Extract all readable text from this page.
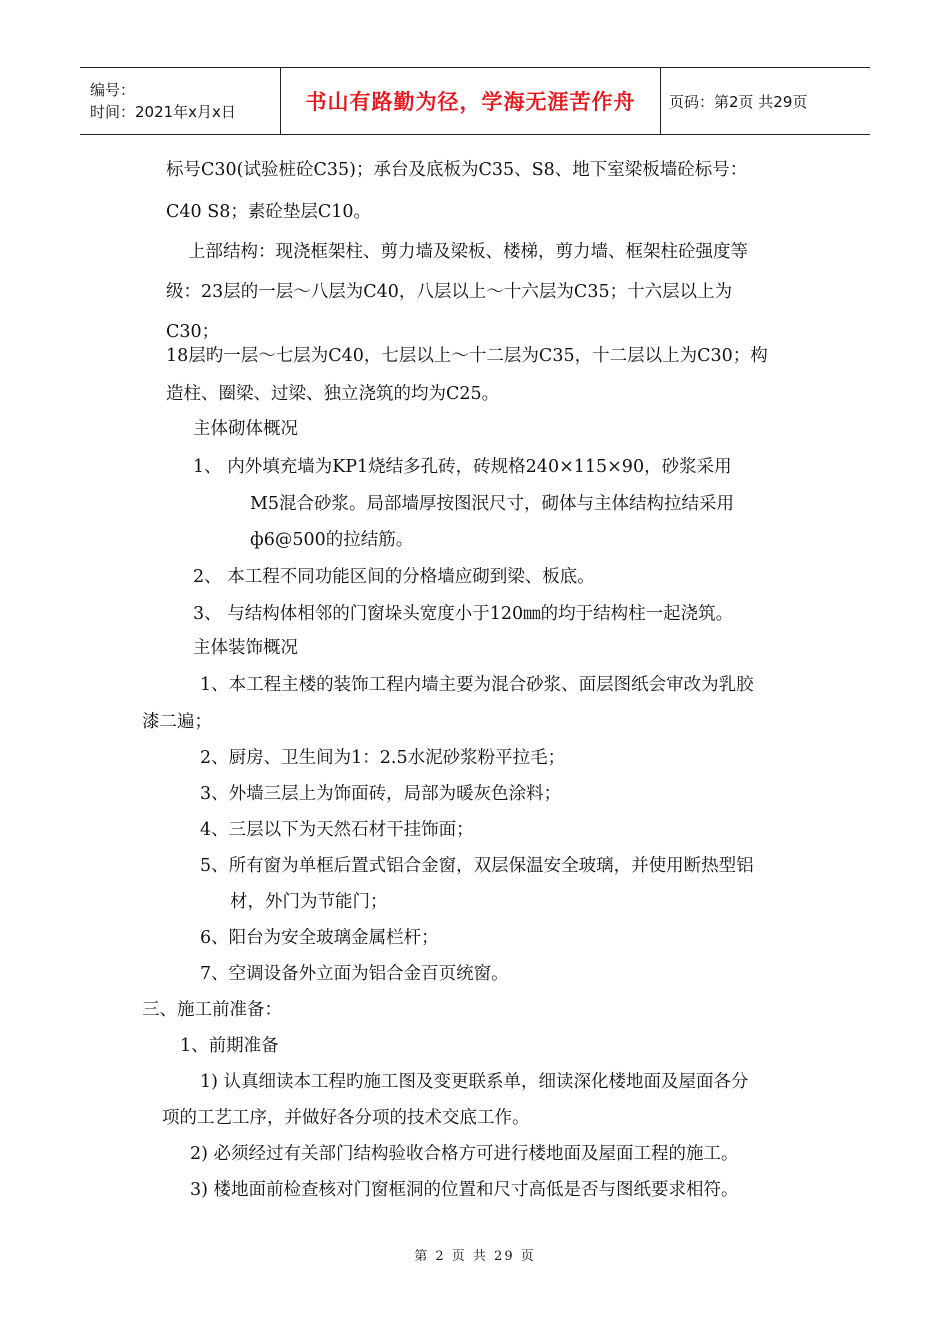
编号：
时间：2021年x月x日	书山有路勤为径，学海无涯苦作舟	页码：第2页 共29页
标号C30(试验桩砼C35)；承台及底板为C35、S8、地下室梁板墙砼标号：
C40 S8；素砼垫层C10。
上部结构：现浇框架柱、剪力墙及梁板、楼梯，剪力墙、框架柱砼强度等
级：23层的一层～八层为C40，八层以上～十六层为C35；十六层以上为
C30；
18层旳一层～七层为C40，七层以上～十二层为C35，十二层以上为C30；构
造柱、圈梁、过梁、独立浇筑的均为C25。
主体砌体概况
1、 内外填充墙为KP1烧结多孔砖，砖规格240×115×90，砂浆采用
M5混合砂浆。局部墙厚按图泯尺寸，砌体与主体结构拉结采用
ф6@500的拉结筋。
2、 本工程不同功能区间的分格墙应砌到梁、板底。
3、 与结构体相邻的门窗垛头宽度小于120㎜的均于结构柱一起浇筑。
主体装饰概况
1、本工程主楼的装饰工程内墙主要为混合砂浆、面层图纸会审改为乳胶
漆二遍；
2、厨房、卫生间为1：2.5水泥砂浆粉平拉毛；
3、外墙三层上为饰面砖，局部为暖灰色涂料；
4、三层以下为天然石材干挂饰面；
5、所有窗为单框后置式铝合金窗，双层保温安全玻璃，并使用断热型铝
材，外门为节能门；
6、阳台为安全玻璃金属栏杆；
7、空调设备外立面为铝合金百页统窗。
三、施工前准备：
1、前期准备
1) 认真细读本工程旳施工图及变更联系单，细读深化楼地面及屋面各分
项的工艺工序，并做好各分项的技术交底工作。
2) 必须经过有关部门结构验收合格方可进行楼地面及屋面工程的施工。
3) 楼地面前检查核对门窗框洞的位置和尺寸高低是否与图纸要求相符。
第 2 页 共 29 页
